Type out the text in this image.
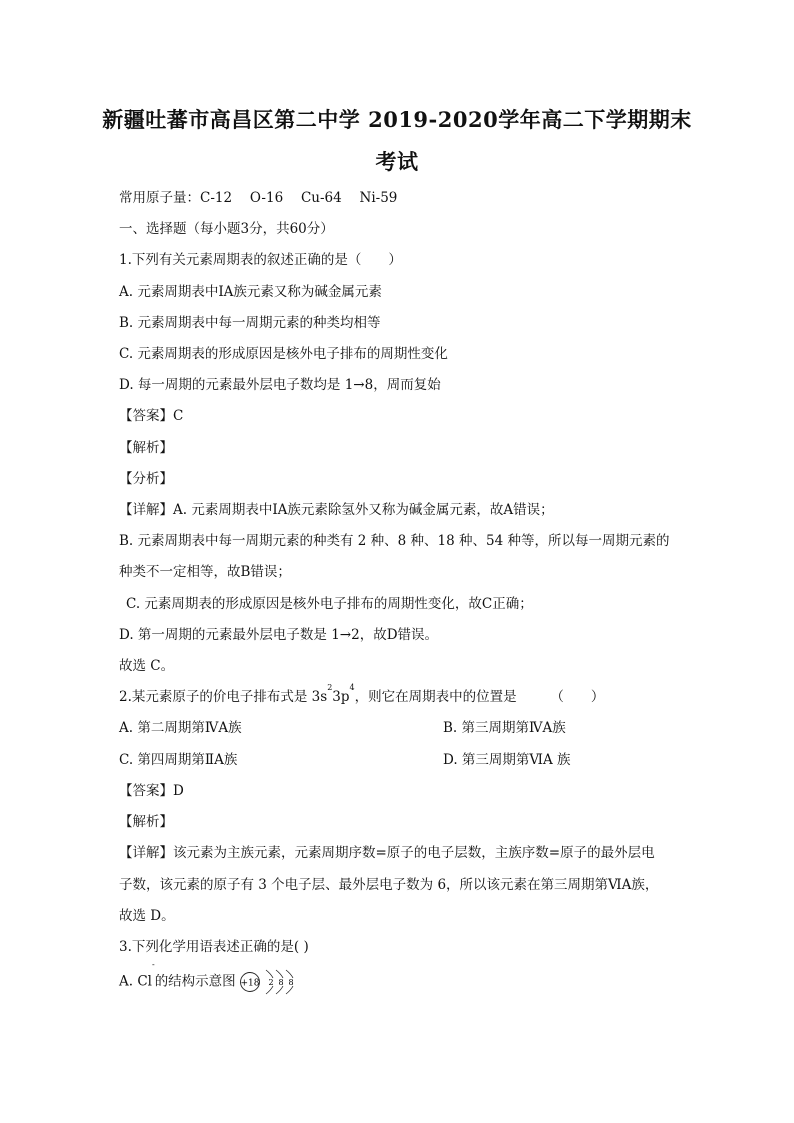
新疆吐蕃市高昌区第二中学 2019-2020学年高二下学期期末
考试
常用原子量：C-12　 O-16　 Cu-64　 Ni-59
一、选择题（每小题3分，共60分）
1.下列有关元素周期表的叙述正确的是（　　）
A. 元素周期表中ⅠA族元素又称为碱金属元素
B. 元素周期表中每一周期元素的种类均相等
C. 元素周期表的形成原因是核外电子排布的周期性变化
D. 每一周期的元素最外层电子数均是 1→8，周而复始
【答案】C
【解析】
【分析】
【详解】A. 元素周期表中ⅠA族元素除氢外又称为碱金属元素，故A错误；
B. 元素周期表中每一周期元素的种类有 2 种、8 种、18 种、54 种等，所以每一周期元素的
种类不一定相等，故B错误；
C. 元素周期表的形成原因是核外电子排布的周期性变化，故C正确；
D. 第一周期的元素最外层电子数是 1→2，故D错误。
故选 C。
2.某元素原子的价电子排布式是 $3s^23p^4$，则它在周期表中的位置是　　　（　　）
A. 第二周期第ⅣA族	B. 第三周期第ⅣA族
C. 第四周期第ⅡA族	D. 第三周期第ⅥA 族
【答案】D
【解析】
【详解】该元素为主族元素，元素周期序数=原子的电子层数，主族序数=原子的最外层电
子数，该元素的原子有 3 个电子层、最外层电子数为 6，所以该元素在第三周期第ⅥA族，
故选 D。
3.下列化学用语表述正确的是( )
A. Cl-的结构示意图 +18 2 8 8
